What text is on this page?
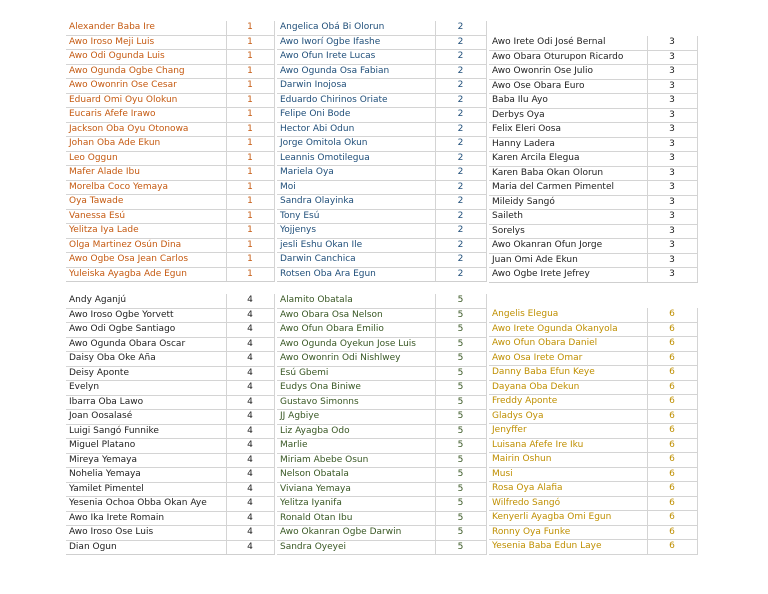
Alexander Baba Ire	1
Awo Iroso Meji Luis	1
Awo Odi Ogunda Luis	1
Awo Ogunda Ogbe Chang	1
Awo Owonrin Ose Cesar	1
Eduard Omi Oyu Olokun	1
Eucaris Afefe Irawo	1
Jackson Oba Oyu Otonowa	1
Johan Oba Ade Ekun	1
Leo Oggun	1
Mafer Alade Ibu	1
Morelba Coco Yemaya	1
Oya Tawade	1
Vanessa Esú	1
Yelitza Iya Lade	1
Olga Martinez Osún Dina	1
Awo Ogbe Osa Jean Carlos	1
Yuleiska Ayagba Ade Egun	1
Angelica Obá Bi Olorun	2
Awo Iworí Ogbe Ifashe	2
Awo Ofun Irete Lucas	2
Awo Ogunda Osa Fabian	2
Darwin Inojosa	2
Eduardo Chirinos Oriate	2
Felipe Oni Bode	2
Hector Abi Odun	2
Jorge Omitola Okun	2
Leannis Omotilegua	2
Mariela Oya	2
Moi	2
Sandra Olayinka	2
Tony Esú	2
Yojjenys	2
jesli Eshu Okan Ile	2
Darwin Canchica	2
Rotsen Oba Ara Egun	2
Awo Irete Odi José Bernal	3
Awo Obara Oturupon Ricardo	3
Awo Owonrin Ose Julio	3
Awo Ose Obara Euro	3
Baba Ilu Ayo	3
Derbys Oya	3
Felix Eleri Oosa	3
Hanny Ladera	3
Karen Arcila Elegua	3
Karen Baba Okan Olorun	3
Maria del Carmen Pimentel	3
Mileidy Sangó	3
Saileth	3
Sorelys	3
Awo Okanran Ofun Jorge	3
Juan Omi Ade Ekun	3
Awo Ogbe Irete Jefrey	3
Andy Aganjú	4
Awo Iroso Ogbe Yorvett	4
Awo Odi Ogbe Santiago	4
Awo Ogunda Obara Oscar	4
Daisy Oba Oke Aña	4
Deisy Aponte	4
Evelyn	4
Ibarra Oba Lawo	4
Joan Oosalasé	4
Luigi Sangó Funnike	4
Miguel Platano	4
Mireya Yemaya	4
Nohelia Yemaya	4
Yamilet Pimentel	4
Yesenia Ochoa Obba Okan Aye	4
Awo Ika Irete Romain	4
Awo Iroso Ose Luis	4
Dian Ogun	4
Alamito Obatala	5
Awo Obara Osa Nelson	5
Awo Ofun Obara Emilio	5
Awo Ogunda Oyekun Jose Luis	5
Awo Owonrin Odi Nishlwey	5
Esú Gbemi	5
Eudys Ona Biniwe	5
Gustavo Simonns	5
JJ Agbiye	5
Liz Ayagba Odo	5
Marlie	5
Miriam Abebe Osun	5
Nelson Obatala	5
Viviana Yemaya	5
Yelitza Iyanifa	5
Ronald Otan Ibu	5
Awo Okanran Ogbe Darwin	5
Sandra Oyeyei	5
Angelis Elegua	6
Awo Irete Ogunda Okanyola	6
Awo Ofun Obara Daniel	6
Awo Osa Irete Omar	6
Danny Baba Efun Keye	6
Dayana Oba Dekun	6
Freddy Aponte	6
Gladys Oya	6
Jenyffer	6
Luisana Afefe Ire Iku	6
Mairin Oshun	6
Musi	6
Rosa Oya Alafia	6
Wilfredo Sangó	6
Kenyerli Ayagba Omi Egun	6
Ronny Oya Funke	6
Yesenia Baba Edun Laye	6
